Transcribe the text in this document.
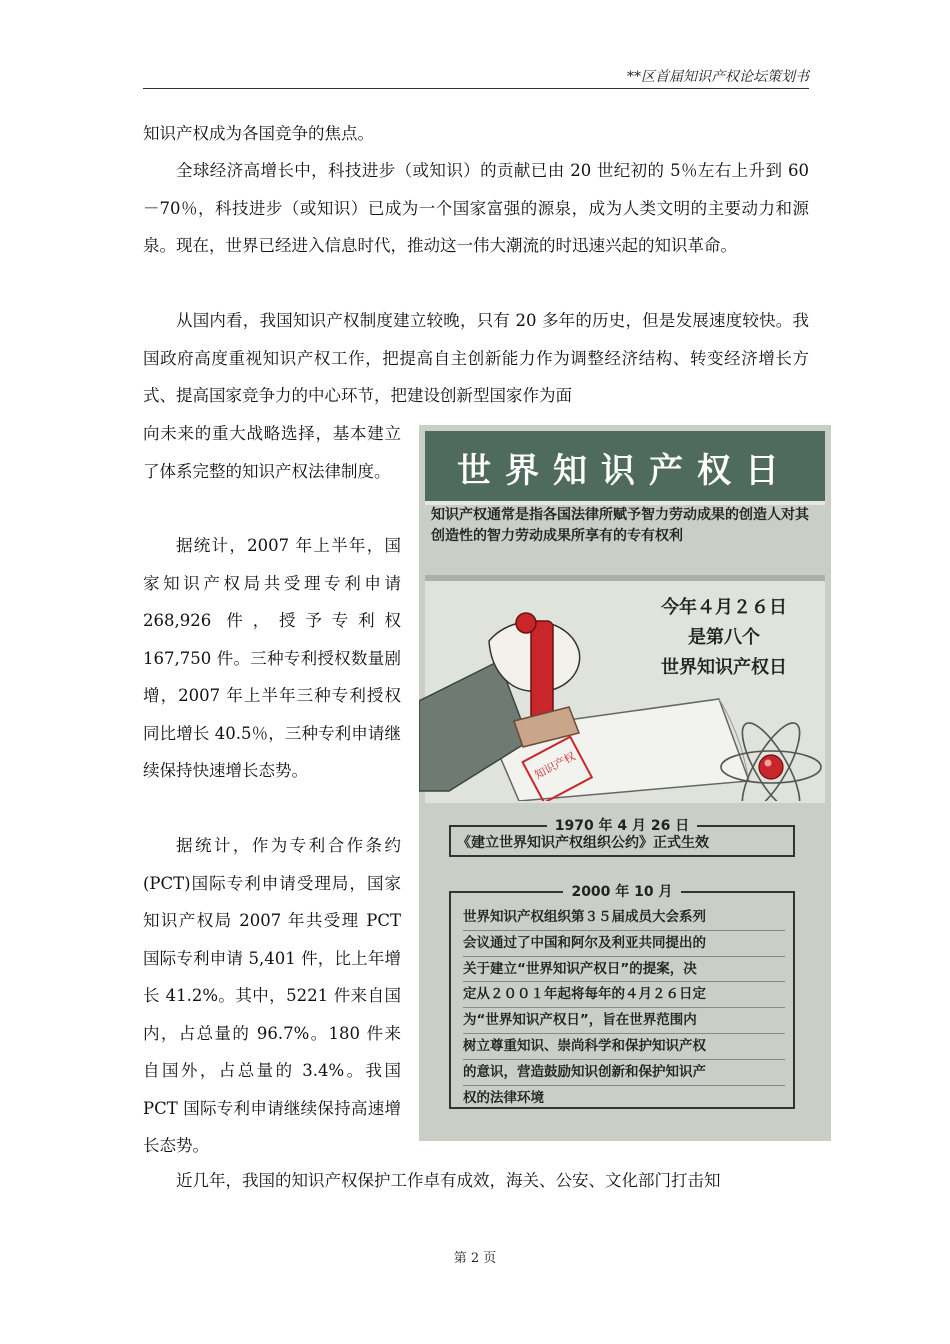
**区首届知识产权论坛策划书

知识产权成为各国竞争的焦点。

全球经济高增长中，科技进步（或知识）的贡献已由 20 世纪初的 5％左右上升到 60－70％，科技进步（或知识）已成为一个国家富强的源泉，成为人类文明的主要动力和源泉。现在，世界已经进入信息时代，推动这一伟大潮流的时迅速兴起的知识革命。

从国内看，我国知识产权制度建立较晚，只有 20 多年的历史，但是发展速度较快。我国政府高度重视知识产权工作，把提高自主创新能力作为调整经济结构、转变经济增长方式、提高国家竞争力的中心环节，把建设创新型国家作为面

向未来的重大战略选择，基本建立了体系完整的知识产权法律制度。

据统计，2007 年上半年，国家知识产权局共受理专利申请 268,926 件，授予专利权 167,750 件。三种专利授权数量剧增，2007 年上半年三种专利授权同比增长 40.5％，三种专利申请继续保持快速增长态势。

据统计，作为专利合作条约(PCT)国际专利申请受理局，国家知识产权局 2007 年共受理 PCT 国际专利申请 5,401 件，比上年增长 41.2%。其中，5221 件来自国内，占总量的 96.7%。180 件来自国外，占总量的 3.4%。我国 PCT 国际专利申请继续保持高速增长态势。

近几年，我国的知识产权保护工作卓有成效，海关、公安、文化部门打击知

世界知识产权日
知识产权通常是指各国法律所赋予智力劳动成果的创造人对其创造性的智力劳动成果所享有的专有权利
知识产权
今年４月２６日
是第八个
世界知识产权日
1970 年 4 月 26 日
《建立世界知识产权组织公约》正式生效
2000 年 10 月
世界知识产权组织第３５届成员大会系列
会议通过了中国和阿尔及利亚共同提出的
关于建立“世界知识产权日”的提案，决
定从２００１年起将每年的４月２６日定
为“世界知识产权日”，旨在世界范围内
树立尊重知识、崇尚科学和保护知识产权
的意识，营造鼓励知识创新和保护知识产
权的法律环境
第 2 页
